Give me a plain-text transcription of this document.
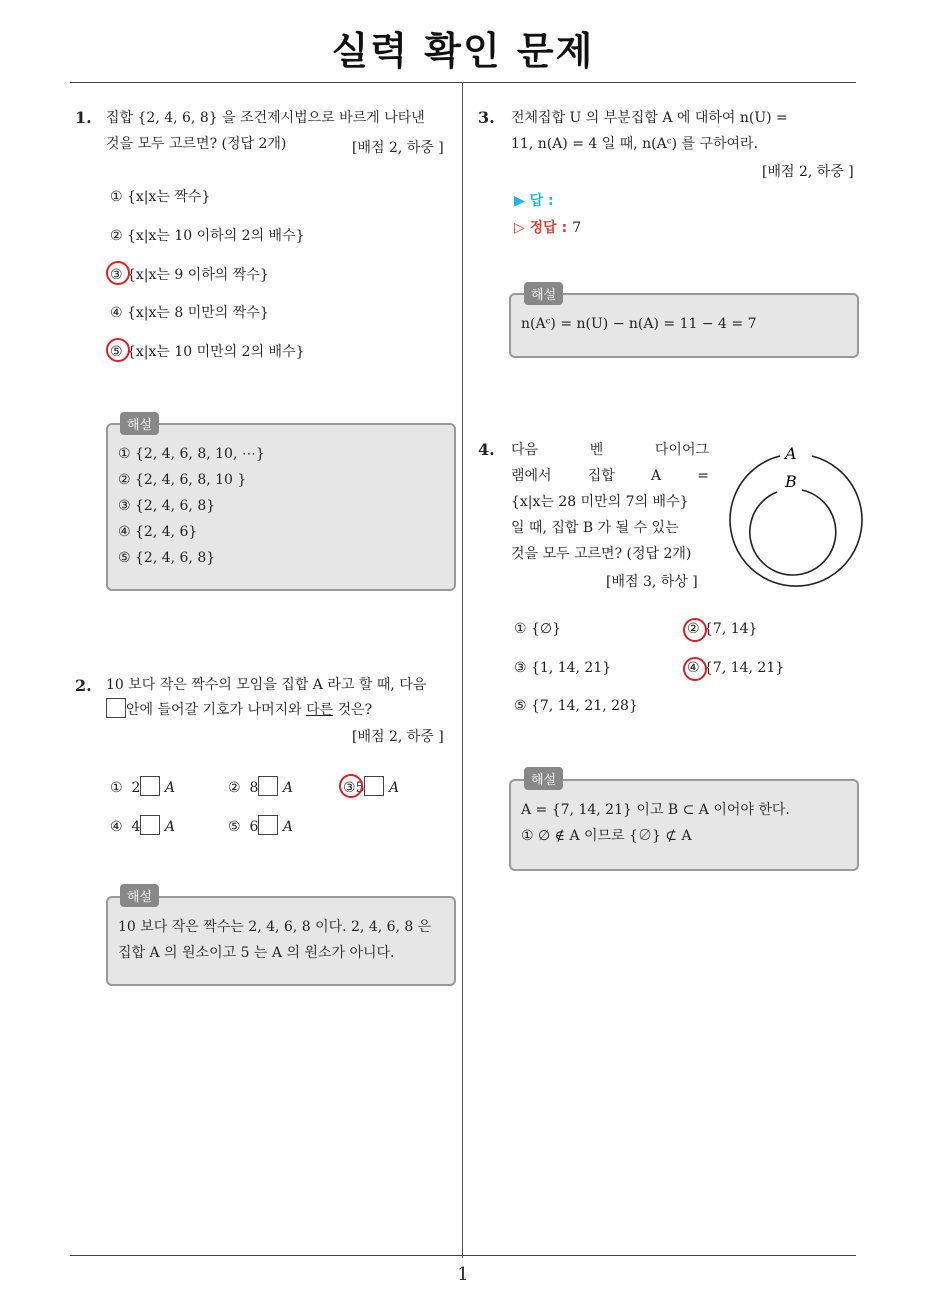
실력 확인 문제
1. 집합 {2, 4, 6, 8} 을 조건제시법으로 바르게 나타낸
것을 모두 고르면? (정답 2개)	[배점 2, 하중 ]
① {x|x는 짝수}
② {x|x는 10 이하의 2의 배수}
③ {x|x는 9 이하의 짝수}
④ {x|x는 8 미만의 짝수}
⑤ {x|x는 10 미만의 2의 배수}
해설
① {2, 4, 6, 8, 10, ⋯}
② {2, 4, 6, 8, 10 }
③ {2, 4, 6, 8}
④ {2, 4, 6}
⑤ {2, 4, 6, 8}
2. 10 보다 작은 짝수의 모임을 집합 A 라고 할 때, 다음
안에 들어갈 기호가 나머지와 다른 것은?
[배점 2, 하중 ]
① 2 A	② 8 A	③5 A
④ 4 A	⑤ 6 A
해설
10 보다 작은 짝수는 2, 4, 6, 8 이다. 2, 4, 6, 8 은
집합 A 의 원소이고 5 는 A 의 원소가 아니다.
3. 전체집합 U 의 부분집합 A 에 대하여 n(U) =
11, n(A) = 4 일 때, n(Aᶜ) 를 구하여라.
[배점 2, 하중 ]
▶ 답 :
▷ 정답 : 7
해설
n(Aᶜ) = n(U) − n(A) = 11 − 4 = 7
4. 다음 벤 다이어그
램에서 집합 A =
{x|x는 28 미만의 7의 배수}
일 때, 집합 B 가 될 수 있는
것을 모두 고르면? (정답 2개)
[배점 3, 하상 ]
A
B
① {∅}	② {7, 14}
③ {1, 14, 21}	④ {7, 14, 21}
⑤ {7, 14, 21, 28}
해설
A = {7, 14, 21} 이고 B ⊂ A 이어야 한다.
① ∅ ∉ A 이므로 {∅} ⊄ A
1
